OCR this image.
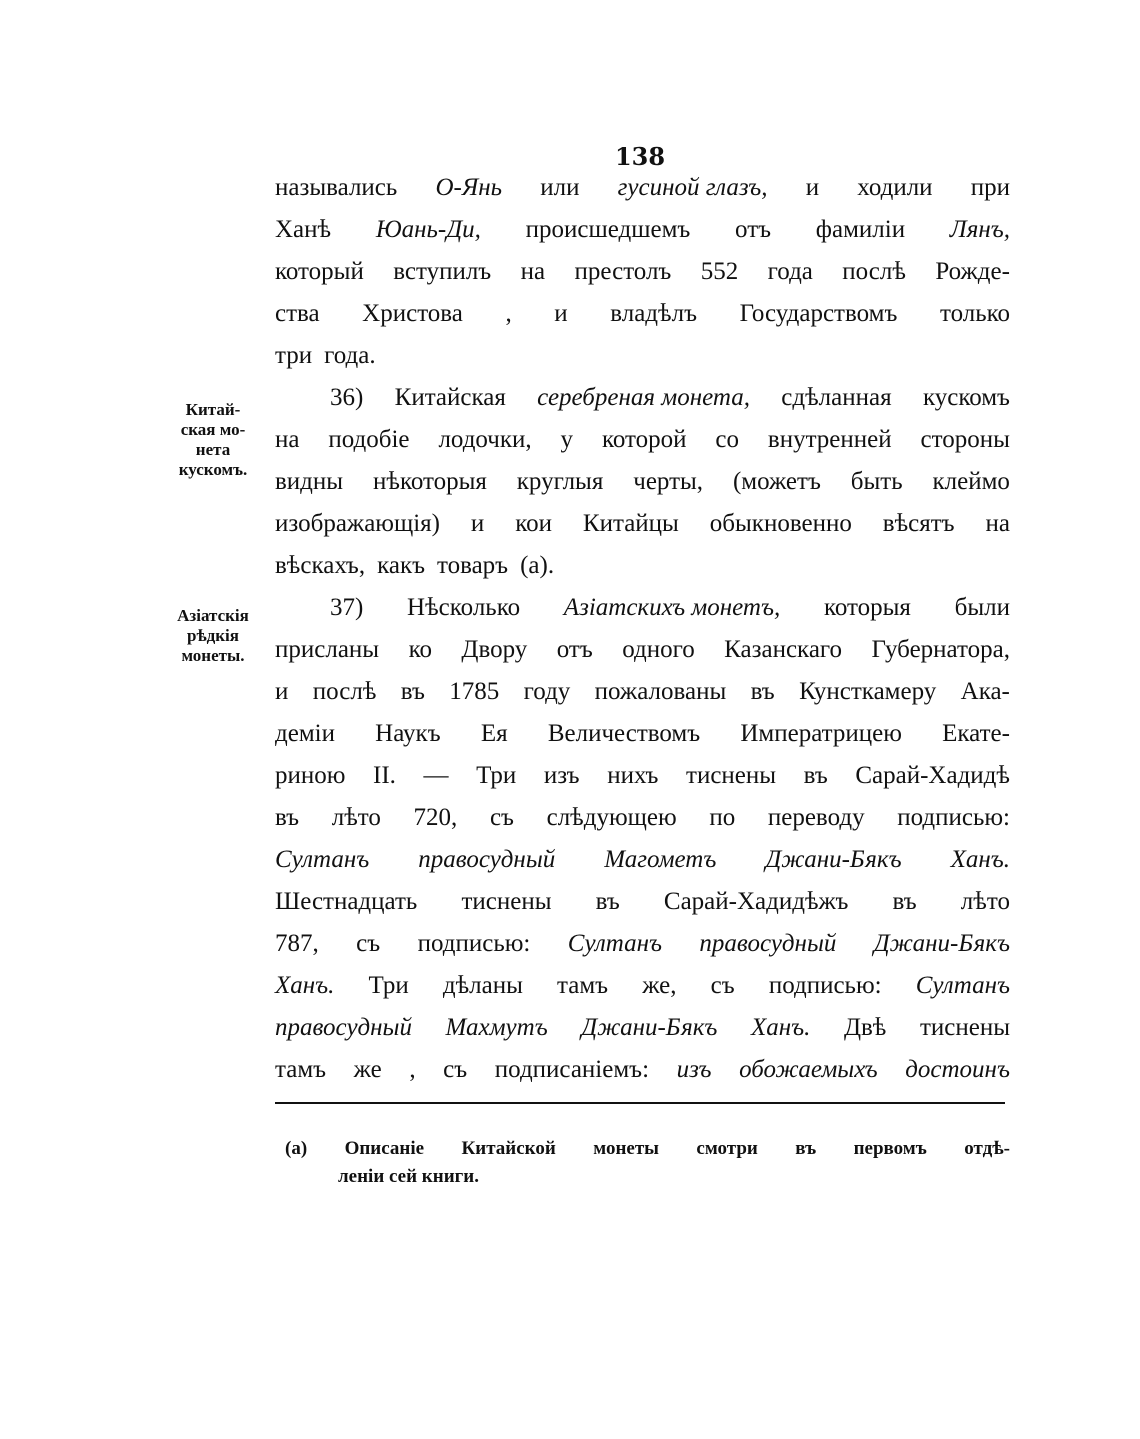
138
назывались О-Янь или гусиной глазъ, и ходили при
Ханѣ Юань-Ди, происшедшемъ отъ фамиліи Лянъ,
который вступилъ на престолъ 552 года послѣ Рожде-
ства Христова , и владѣлъ Государствомъ только
три года.
36) Китайская серебреная монета, сдѣланная кускомъ
на подобіе лодочки, у которой со внутренней стороны
видны нѣкоторыя круглыя черты, (можетъ быть клеймо
изображающія) и кои Китайцы обыкновенно вѣсятъ на
вѣскахъ, какъ товаръ (а).
37) Нѣсколько Азіатскихъ монетъ, которыя были
присланы ко Двору отъ одного Казанскаго Губернатора,
и послѣ въ 1785 году пожалованы въ Кунсткамеру Ака-
деміи Наукъ Ея Величествомъ Императрицею Екате-
риною II. — Три изъ нихъ тиснены въ Сарай-Хадидѣ
въ лѣто 720, съ слѣдующею по переводу подписью:
Султанъ правосудный Магометъ Джани-Бякъ Ханъ.
Шестнадцать тиснены въ Сарай-Хадидѣжъ въ лѣто
787, съ подписью: Султанъ правосудный Джани-Бякъ
Ханъ. Три дѣланы тамъ же, съ подписью: Султанъ
правосудный Махмутъ Джани-Бякъ Ханъ. Двѣ тиснены
тамъ же , съ подписаніемъ: изъ обожаемыхъ достоинъ
Китай-
ская мо-
нета
кускомъ.
Азіатскія
рѣдкія
монеты.
(а) Описаніе Китайской монеты смотри въ первомъ отдѣ-
леніи сей книги.
